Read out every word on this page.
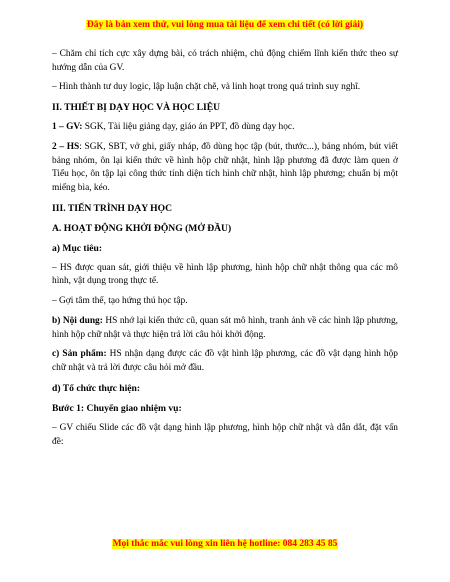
Đây là bản xem thử, vui lòng mua tài liệu để xem chi tiết (có lời giải)

– Chăm chỉ tích cực xây dựng bài, có trách nhiệm, chủ động chiếm lĩnh kiến thức theo sự hướng dẫn của GV.

– Hình thành tư duy logic, lập luận chặt chẽ, và linh hoạt trong quá trình suy nghĩ.

II. THIẾT BỊ DẠY HỌC VÀ HỌC LIỆU

1 – GV: SGK, Tài liệu giảng dạy, giáo án PPT, đồ dùng dạy học.

2 – HS: SGK, SBT, vở ghi, giấy nháp, đồ dùng học tập (bút, thước...), bảng nhóm, bút viết bảng nhóm, ôn lại kiến thức về hình hộp chữ nhật, hình lập phương đã được làm quen ở Tiểu học, ôn tập lại công thức tính diện tích hình chữ nhật, hình lập phương; chuẩn bị một miếng bìa, kéo.

III. TIẾN TRÌNH DẠY HỌC
A. HOẠT ĐỘNG KHỞI ĐỘNG (MỞ ĐẦU)
a) Mục tiêu:

– HS được quan sát, giới thiệu về hình lập phương, hình hộp chữ nhật thông qua các mô hình, vật dụng trong thực tế.

– Gợi tâm thế, tạo hứng thú học tập.

b) Nội dung: HS nhớ lại kiến thức cũ, quan sát mô hình, tranh ảnh về các hình lập phương, hình hộp chữ nhật và thực hiện trả lời câu hỏi khởi động.

c) Sản phẩm: HS nhận dạng được các đồ vật hình lập phương, các đồ vật dạng hình hộp chữ nhật và trả lời được câu hỏi mở đầu.

d) Tổ chức thực hiện:
Bước 1: Chuyển giao nhiệm vụ:

– GV chiếu Slide các đồ vật dạng hình lập phương, hình hộp chữ nhật và dẫn dắt, đặt vấn đề:

Mọi thắc mắc vui lòng xin liên hệ hotline: 084 283 45 85
